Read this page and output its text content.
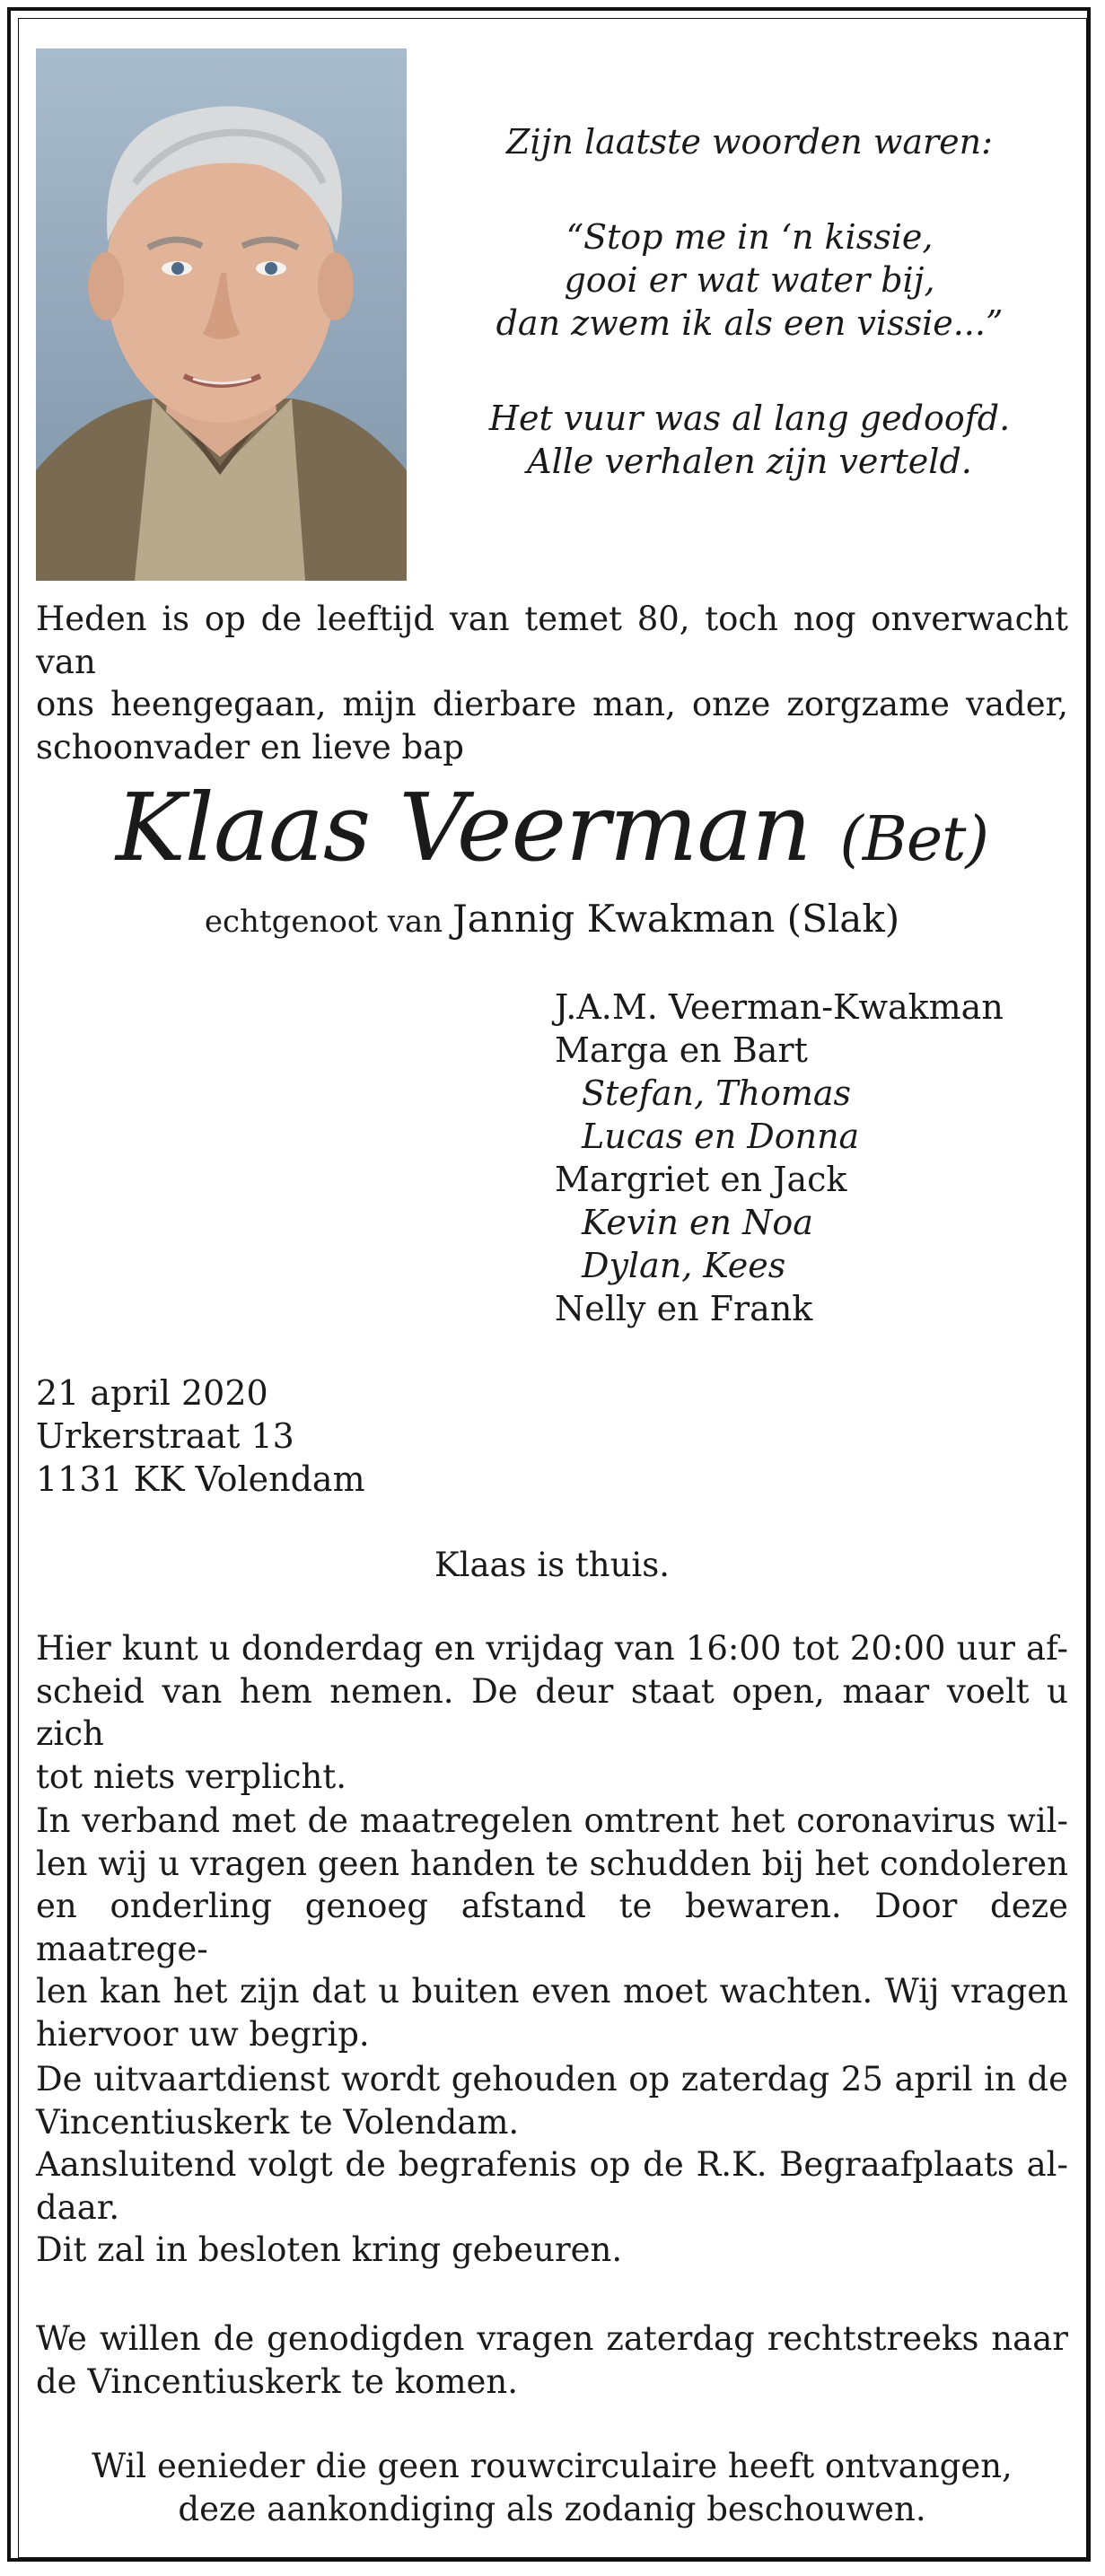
Zijn laatste woorden waren:

“Stop me in ‘n kissie,

gooi er wat water bij,

dan zwem ik als een vissie...”

Het vuur was al lang gedoofd.

Alle verhalen zijn verteld.

Heden is op de leeftijd van temet 80, toch nog onverwacht van
ons heengegaan, mijn dierbare man, onze zorgzame vader,
schoonvader en lieve bap
Klaas Veerman (Bet)
echtgenoot van Jannig Kwakman (Slak)
J.A.M. Veerman-Kwakman
Marga en Bart
Stefan, Thomas
Lucas en Donna
Margriet en Jack
Kevin en Noa
Dylan, Kees
Nelly en Frank
21 april 2020
Urkerstraat 13
1131 KK Volendam
Klaas is thuis.
Hier kunt u donderdag en vrijdag van 16:00 tot 20:00 uur af-
scheid van hem nemen. De deur staat open, maar voelt u zich
tot niets verplicht.
In verband met de maatregelen omtrent het coronavirus wil-
len wij u vragen geen handen te schudden bij het condoleren
en onderling genoeg afstand te bewaren. Door deze maatrege-
len kan het zijn dat u buiten even moet wachten. Wij vragen
hiervoor uw begrip.
De uitvaartdienst wordt gehouden op zaterdag 25 april in de
Vincentiuskerk te Volendam.
Aansluitend volgt de begrafenis op de R.K. Begraafplaats al-
daar.
Dit zal in besloten kring gebeuren.
We willen de genodigden vragen zaterdag rechtstreeks naar
de Vincentiuskerk te komen.
Wil eenieder die geen rouwcirculaire heeft ontvangen,
deze aankondiging als zodanig beschouwen.
